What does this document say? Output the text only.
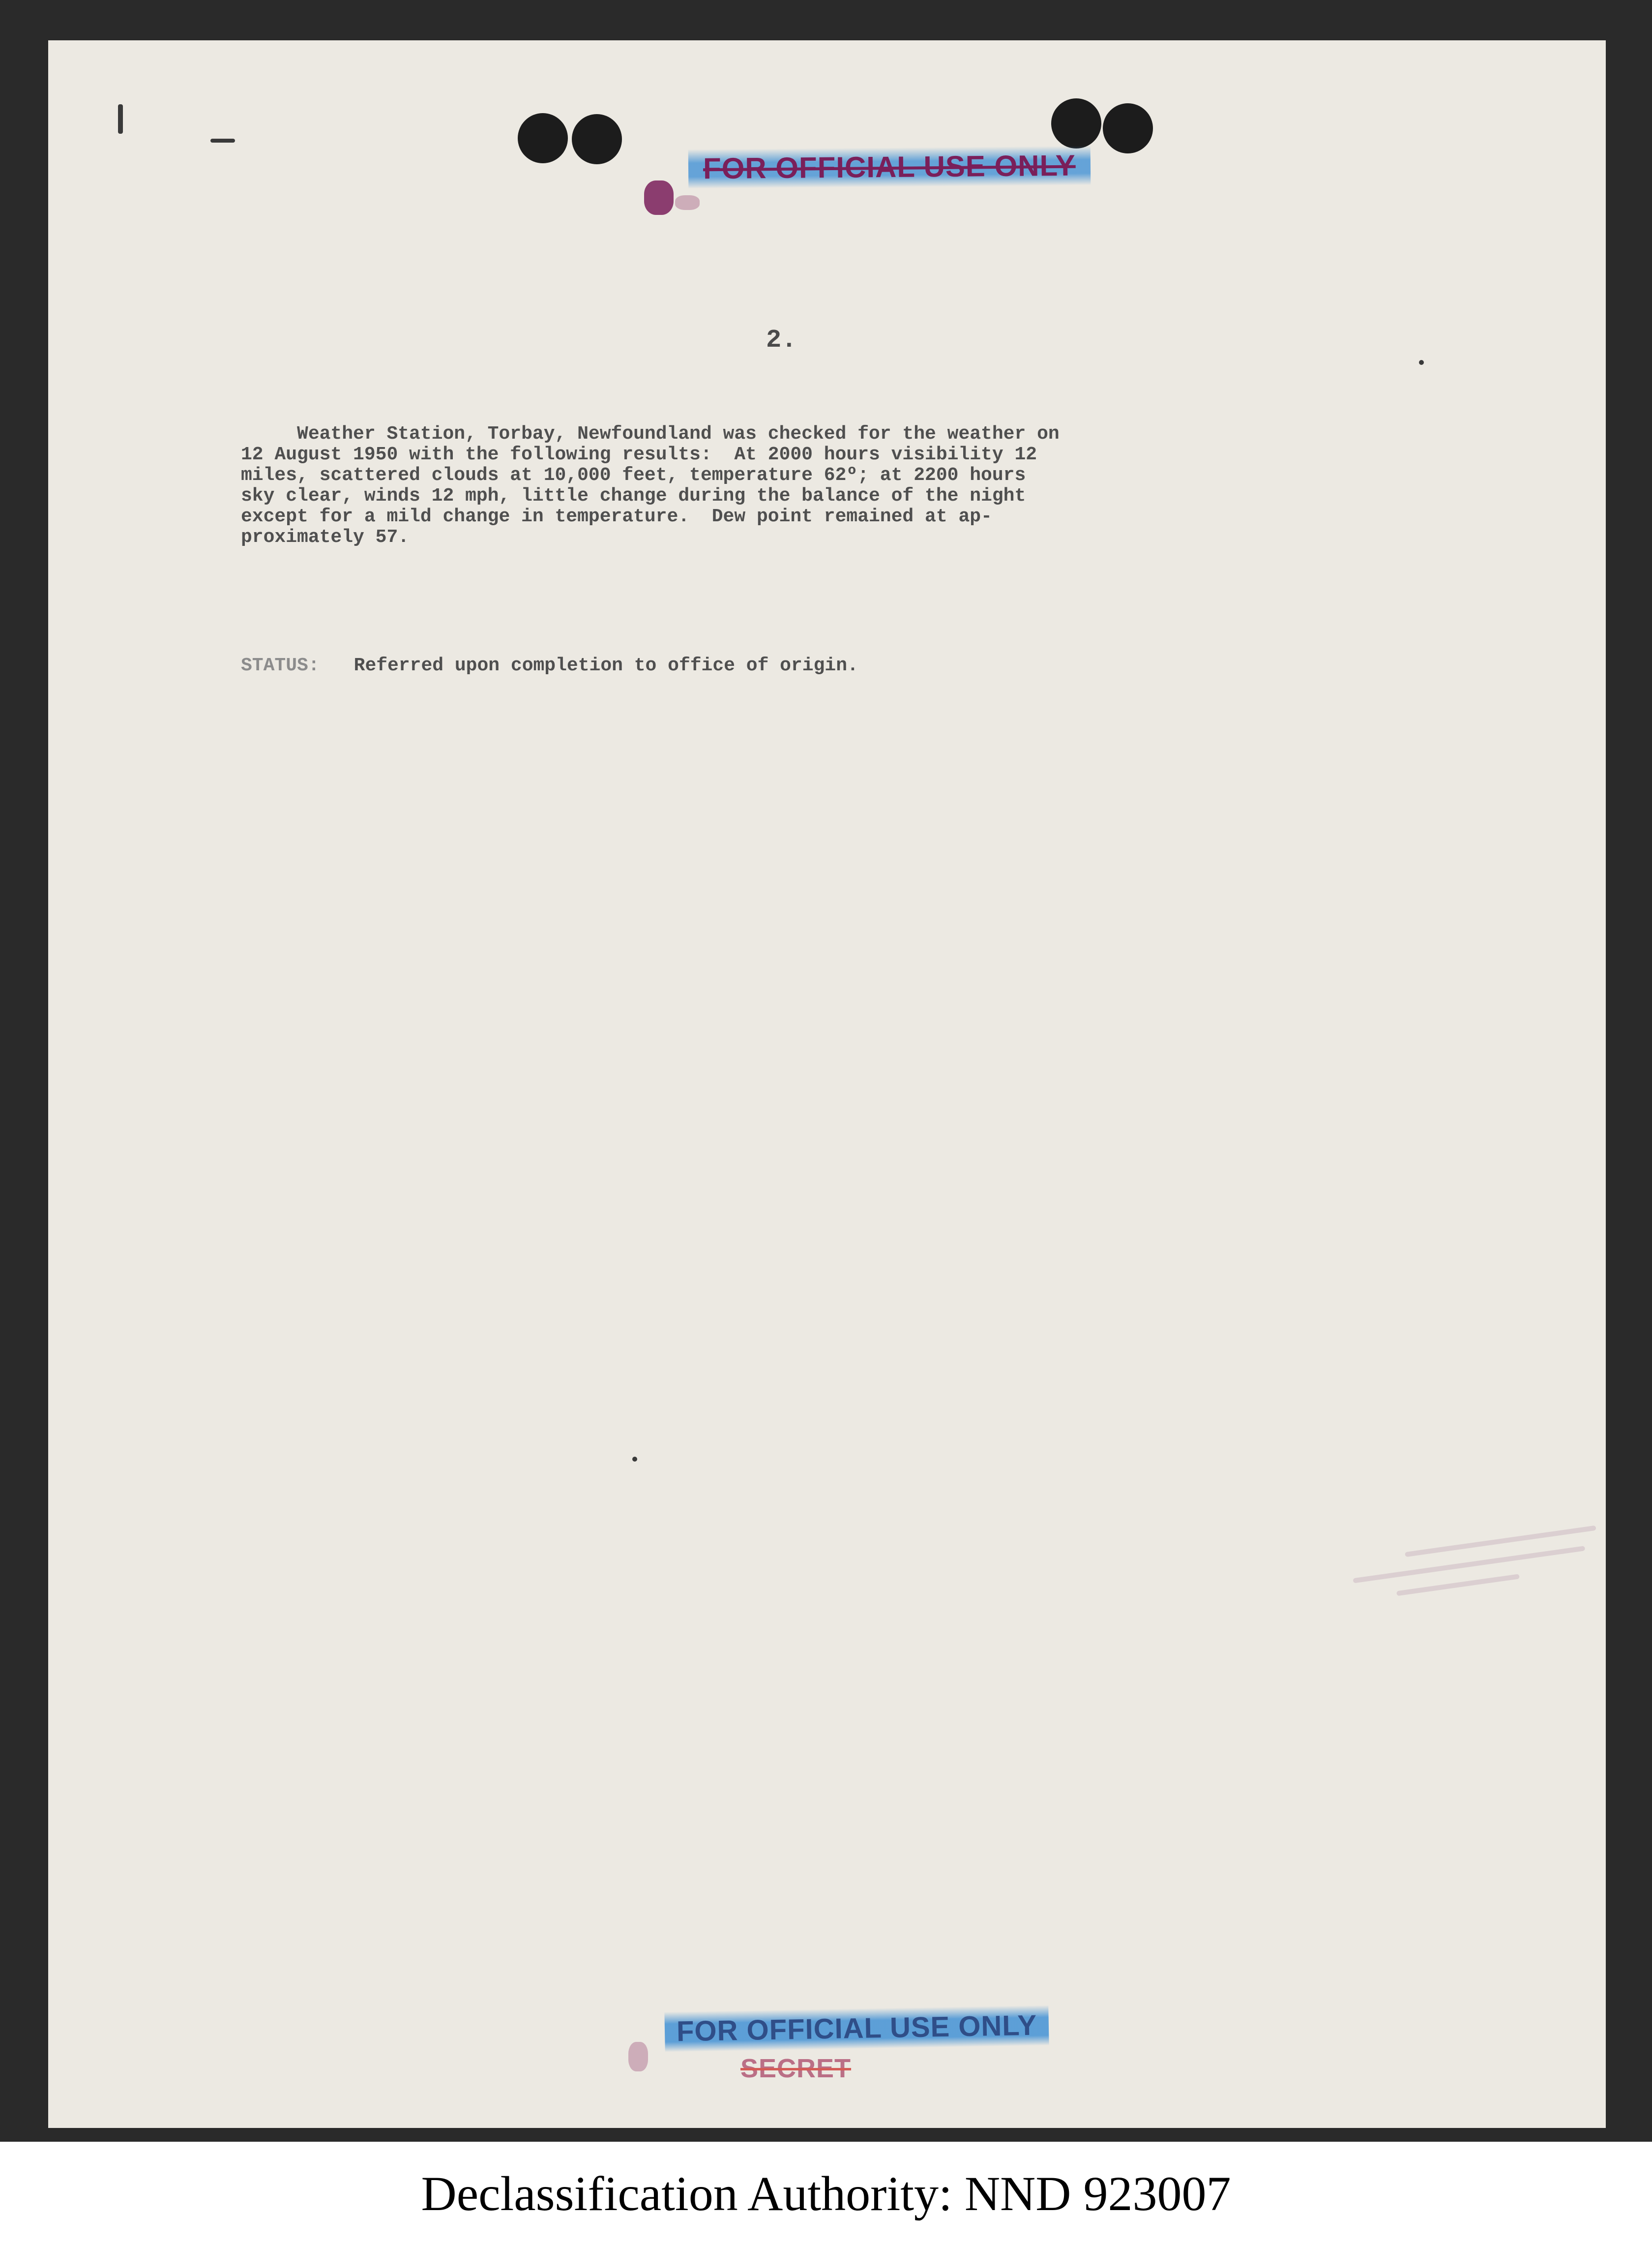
FOR OFFICIAL USE ONLY
2.
Weather Station, Torbay, Newfoundland was checked for the weather on
12 August 1950 with the following results:  At 2000 hours visibility 12
miles, scattered clouds at 10,000 feet, temperature 62º; at 2200 hours
sky clear, winds 12 mph, little change during the balance of the night
except for a mild change in temperature.  Dew point remained at ap-
proximately 57.
STATUS: Referred upon completion to office of origin.
FOR OFFICIAL USE ONLY
SECRET
Declassification Authority: NND 923007
